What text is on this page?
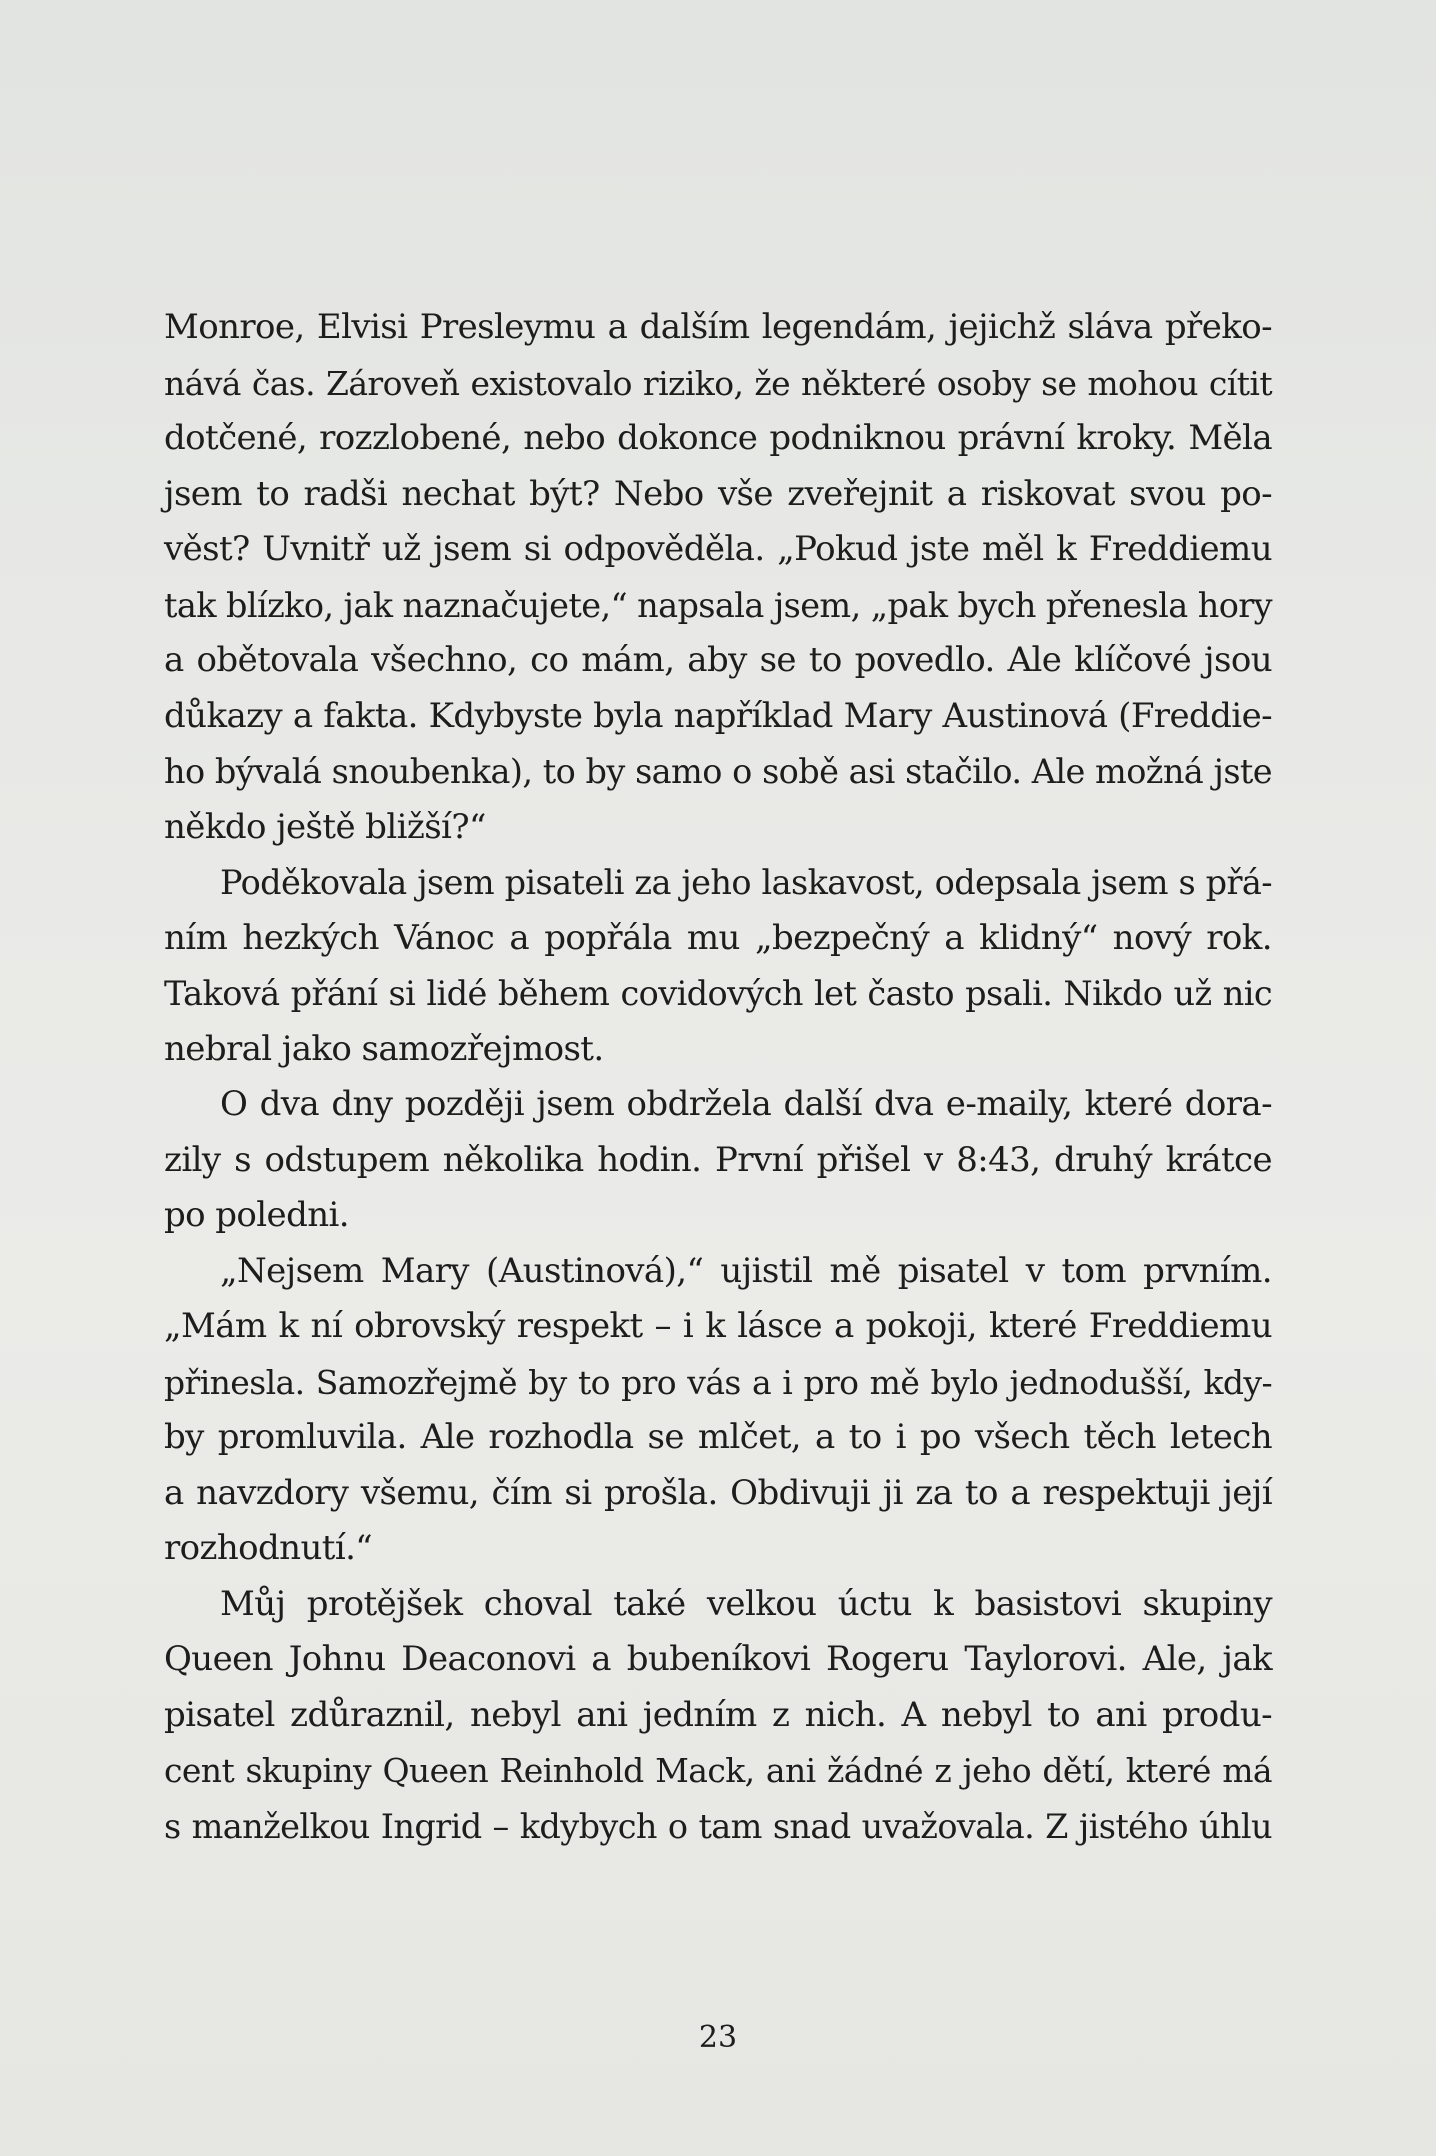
Monroe, Elvisi Presleymu a dalším legendám, jejichž sláva překo-
nává čas. Zároveň existovalo riziko, že některé osoby se mohou cítit
dotčené, rozzlobené, nebo dokonce podniknou právní kroky. Měla
jsem to radši nechat být? Nebo vše zveřejnit a riskovat svou po-
věst? Uvnitř už jsem si odpověděla. „Pokud jste měl k Freddiemu
tak blízko, jak naznačujete,“ napsala jsem, „pak bych přenesla hory
a obětovala všechno, co mám, aby se to povedlo. Ale klíčové jsou
důkazy a fakta. Kdybyste byla například Mary Austinová (Freddie-
ho bývalá snoubenka), to by samo o sobě asi stačilo. Ale možná jste
někdo ještě bližší?“
Poděkovala jsem pisateli za jeho laskavost, odepsala jsem s přá-
ním hezkých Vánoc a popřála mu „bezpečný a klidný“ nový rok.
Taková přání si lidé během covidových let často psali. Nikdo už nic
nebral jako samozřejmost.
O dva dny později jsem obdržela další dva e-maily, které dora-
zily s odstupem několika hodin. První přišel v 8:43, druhý krátce
po poledni.
„Nejsem Mary (Austinová),“ ujistil mě pisatel v tom prvním.
„Mám k ní obrovský respekt – i k lásce a pokoji, které Freddiemu
přinesla. Samozřejmě by to pro vás a i pro mě bylo jednodušší, kdy-
by promluvila. Ale rozhodla se mlčet, a to i po všech těch letech
a navzdory všemu, čím si prošla. Obdivuji ji za to a respektuji její
rozhodnutí.“
Můj protějšek choval také velkou úctu k basistovi skupiny
Queen Johnu Deaconovi a bubeníkovi Rogeru Taylorovi. Ale, jak
pisatel zdůraznil, nebyl ani jedním z nich. A nebyl to ani produ-
cent skupiny Queen Reinhold Mack, ani žádné z jeho dětí, které má
s manželkou Ingrid – kdybych o tam snad uvažovala. Z jistého úhlu
23
